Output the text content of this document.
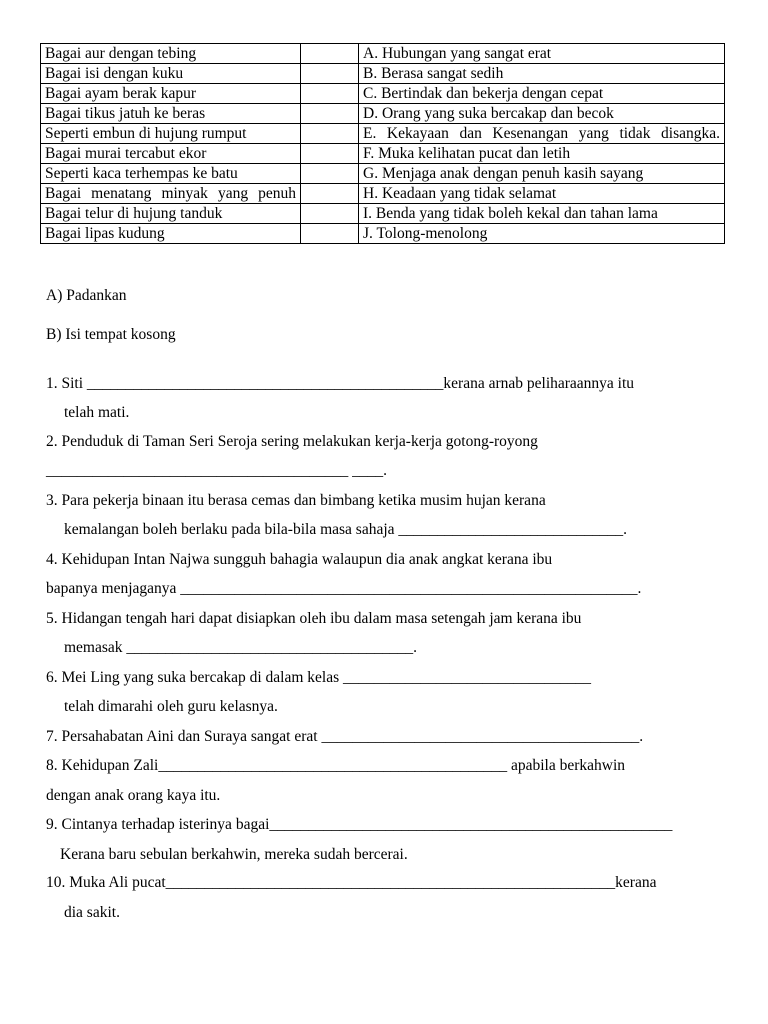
Bagai aur dengan tebing		A. Hubungan yang sangat erat
Bagai isi dengan kuku		B. Berasa sangat sedih
Bagai ayam berak kapur		C. Bertindak dan bekerja dengan cepat
Bagai tikus jatuh ke beras		D. Orang yang suka bercakap dan becok
Seperti embun di hujung rumput		E. Kekayaan dan Kesenangan yang tidak disangka.
Bagai murai tercabut ekor		F. Muka kelihatan pucat dan letih
Seperti kaca terhempas ke batu		G. Menjaga anak dengan penuh kasih sayang
Bagai menatang minyak yang penuh		H. Keadaan yang tidak selamat
Bagai telur di hujung tanduk		I. Benda yang tidak boleh kekal dan tahan lama
Bagai lipas kudung		J. Tolong-menolong
A) Padankan
B) Isi tempat kosong
1. Siti ______________________________________________kerana arnab peliharaannya itu
telah mati.
2. Penduduk di Taman Seri Seroja sering melakukan kerja-kerja gotong-royong
_______________________________________ ____.
3. Para pekerja binaan itu berasa cemas dan bimbang ketika musim hujan kerana
kemalangan boleh berlaku pada bila-bila masa sahaja _____________________________.
4. Kehidupan Intan Najwa sungguh bahagia walaupun dia anak angkat kerana ibu
bapanya menjaganya ___________________________________________________________.
5. Hidangan tengah hari dapat disiapkan oleh ibu dalam masa setengah jam kerana ibu
memasak _____________________________________.
6. Mei Ling yang suka bercakap di dalam kelas ________________________________
telah dimarahi oleh guru kelasnya.
7. Persahabatan Aini dan Suraya sangat erat _________________________________________.
8. Kehidupan Zali_____________________________________________ apabila berkahwin
dengan anak orang kaya itu.
9. Cintanya terhadap isterinya bagai____________________________________________________
Kerana baru sebulan berkahwin, mereka sudah bercerai.
10. Muka Ali pucat__________________________________________________________kerana
dia sakit.
